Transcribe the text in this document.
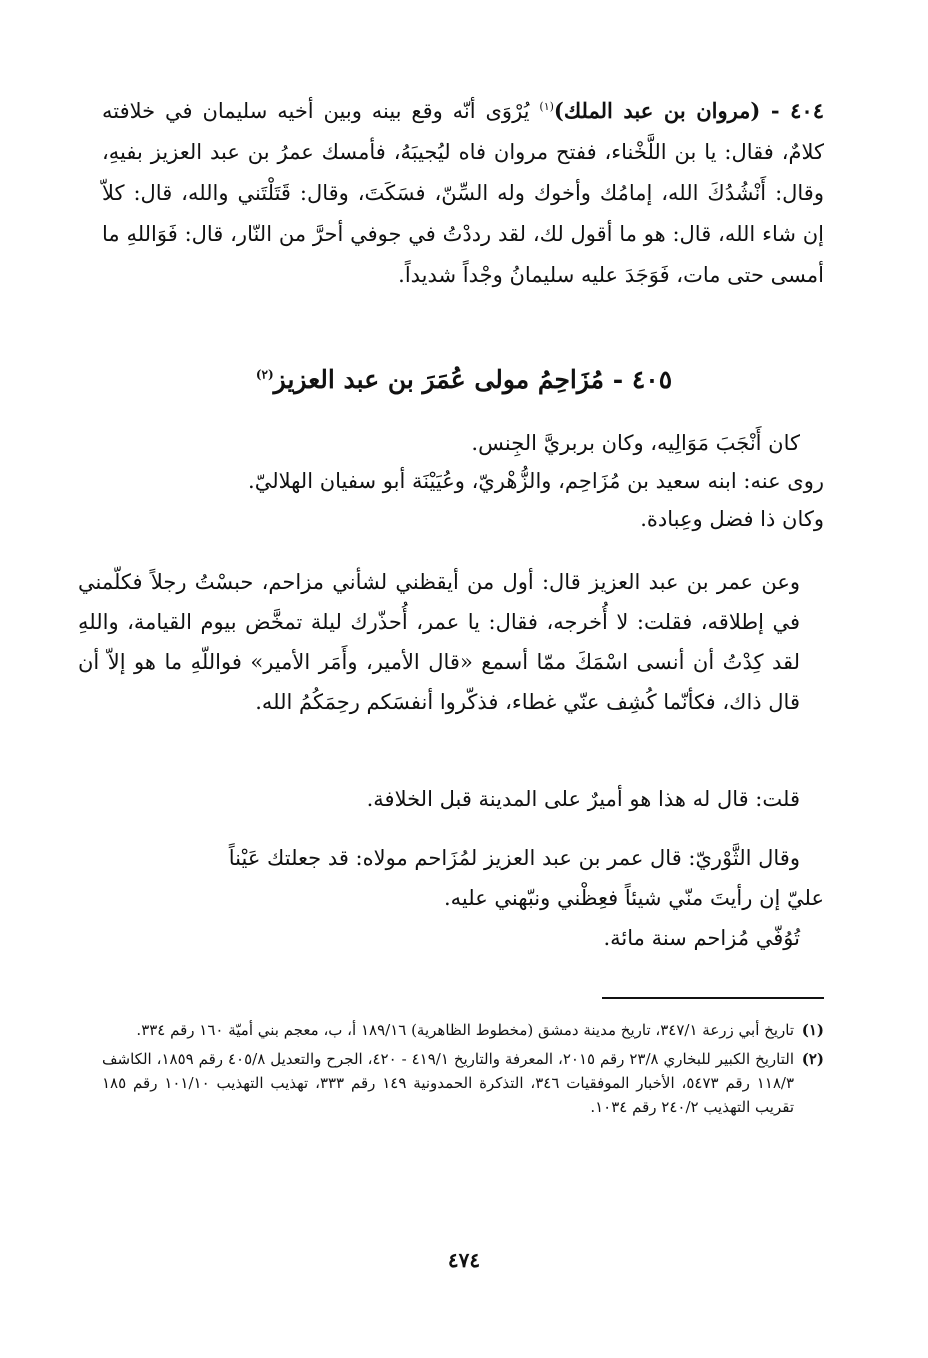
٤٠٤ - (مروان بن عبد الملك)$^{(١)}$ يُرْوَى أنّه وقع بينه وبين أخيه سليمان في خلافته كلامٌ، فقال: يا بن اللَّخْناء، ففتح مروان فاه ليُجيبَهُ، فأمسك عمرُ بن عبد العزيز بفيهِ، وقال: أَنْشُدُكَ الله، إمامُك وأخوك وله السِّنّ، فسَكَتَ، وقال: قَتَلْتَني والله، قال: كلاّ إن شاء الله، قال: هو ما أقول لك، لقد رددْتُ في جوفي أحرَّ من النّار، قال: فَوَاللهِ ما أمسى حتى مات، فَوَجَدَ عليه سليمانُ وجْداً شديداً.
٤٠٥ - مُزَاحِمُ مولى عُمَرَ بن عبد العزيز$^{(٢)}$
كان أَنْجَبَ مَوَالِيه، وكان بربريَّ الجِنس.
روى عنه: ابنه سعيد بن مُزَاحِم، والزُّهْريّ، وعُيَيْنَة أبو سفيان الهلاليّ.
وكان ذا فضل وعِبادة.
وعن عمر بن عبد العزيز قال: أول من أيقظني لشأني مزاحم، حبسْتُ رجلاً فكلّمني في إطلاقه، فقلت: لا أُخرجه، فقال: يا عمر، أُحذّرك ليلة تمخَّض بيوم القيامة، واللهِ لقد كِدْتُ أن أنسى اسْمَكَ ممّا أسمع «قال الأمير، وأَمَر الأمير» فواللّهِ ما هو إلاّ أن قال ذاك، فكأنّما كُشِف عنّي غطاء، فذكّروا أنفسَكم رحِمَكُمُ الله.
قلت: قال له هذا هو أميرٌ على المدينة قبل الخلافة.
وقال الثَّوْريّ: قال عمر بن عبد العزيز لمُزَاحم مولاه: قد جعلتك عَيْناً
عليّ إن رأيتَ منّي شيئاً فعِظْني ونبّهني عليه.
تُوُفّي مُزاحم سنة مائة.
(١)
تاريخ أبي زرعة ٣٤٧/١، تاريخ مدينة دمشق (مخطوط الظاهرية) ١٨٩/١٦ أ، ب، معجم بني أميّة ١٦٠ رقم ٣٣٤.
(٢)
التاريخ الكبير للبخاري ٢٣/٨ رقم ٢٠١٥، المعرفة والتاريخ ٤١٩/١ - ٤٢٠، الجرح والتعديل ٤٠٥/٨ رقم ١٨٥٩، الكاشف ١١٨/٣ رقم ٥٤٧٣، الأخبار الموفقيات ٣٤٦، التذكرة الحمدونية ١٤٩ رقم ٣٣٣، تهذيب التهذيب ١٠١/١٠ رقم ١٨٥ تقريب التهذيب ٢٤٠/٢ رقم ١٠٣٤.
٤٧٤
